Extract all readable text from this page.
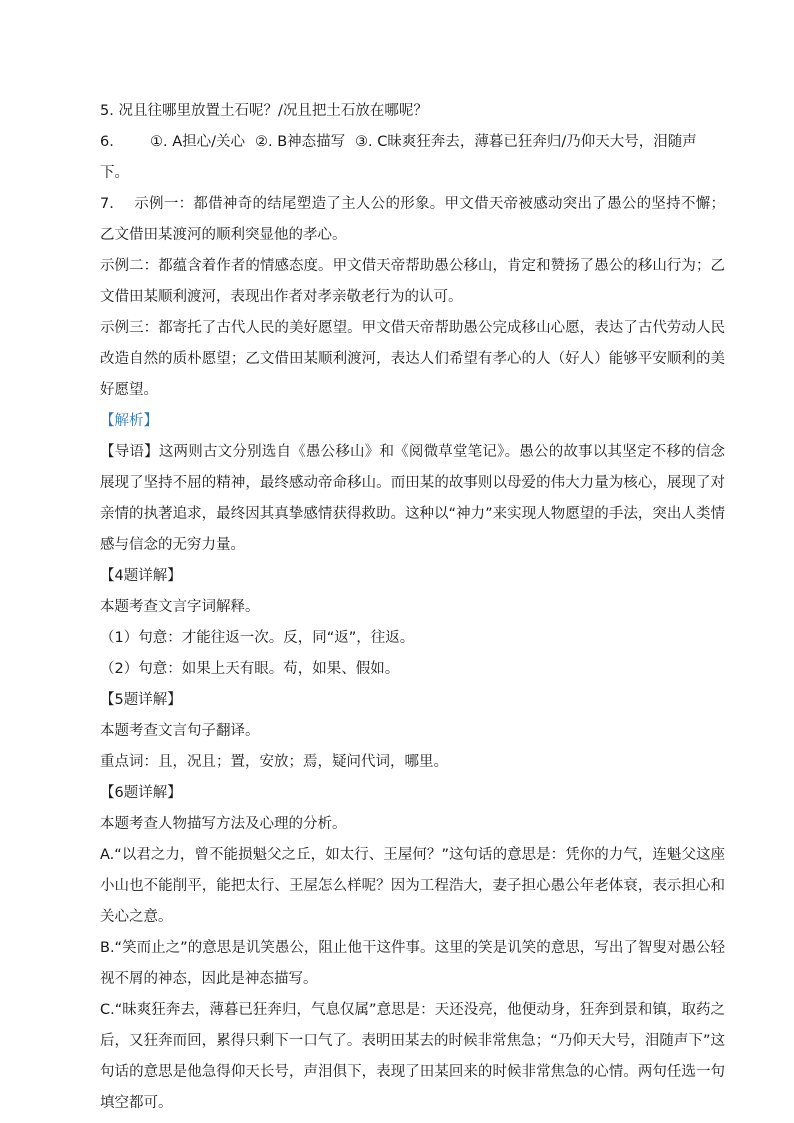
5. 况且往哪里放置土石呢？/况且把土石放在哪呢？

6.	①. A担心/关心 ②. B神态描写 ③. C昧爽狂奔去，薄暮已狂奔归/乃仰天大号，泪随声

下。

7. 示例一：都借神奇的结尾塑造了主人公的形象。甲文借天帝被感动突出了愚公的坚持不懈；乙文借田某渡河的顺利突显他的孝心。

示例二：都蕴含着作者的情感态度。甲文借天帝帮助愚公移山，肯定和赞扬了愚公的移山行为；乙文借田某顺利渡河，表现出作者对孝亲敬老行为的认可。

示例三：都寄托了古代人民的美好愿望。甲文借天帝帮助愚公完成移山心愿，表达了古代劳动人民改造自然的质朴愿望；乙文借田某顺利渡河，表达人们希望有孝心的人（好人）能够平安顺利的美好愿望。

【解析】

【导语】这两则古文分别选自《愚公移山》和《阅微草堂笔记》。愚公的故事以其坚定不移的信念展现了坚持不屈的精神，最终感动帝命移山。而田某的故事则以母爱的伟大力量为核心，展现了对亲情的执著追求，最终因其真挚感情获得救助。这种以“神力”来实现人物愿望的手法，突出人类情感与信念的无穷力量。

【4题详解】

本题考查文言字词解释。

（1）句意：才能往返一次。反，同“返”，往返。

（2）句意：如果上天有眼。苟，如果、假如。

【5题详解】

本题考查文言句子翻译。

重点词：且，况且；置，安放；焉，疑问代词，哪里。

【6题详解】

本题考查人物描写方法及心理的分析。

A.“以君之力，曾不能损魁父之丘，如太行、王屋何？”这句话的意思是：凭你的力气，连魁父这座小山也不能削平，能把太行、王屋怎么样呢？因为工程浩大，妻子担心愚公年老体衰，表示担心和关心之意。

B.“笑而止之”的意思是讥笑愚公，阻止他干这件事。这里的笑是讥笑的意思，写出了智叟对愚公轻视不屑的神态，因此是神态描写。

C.“昧爽狂奔去，薄暮已狂奔归，气息仅属”意思是：天还没亮，他便动身，狂奔到景和镇，取药之后，又狂奔而回，累得只剩下一口气了。表明田某去的时候非常焦急；“乃仰天大号，泪随声下”这句话的意思是他急得仰天长号，声泪俱下，表现了田某回来的时候非常焦急的心情。两句任选一句填空都可。
